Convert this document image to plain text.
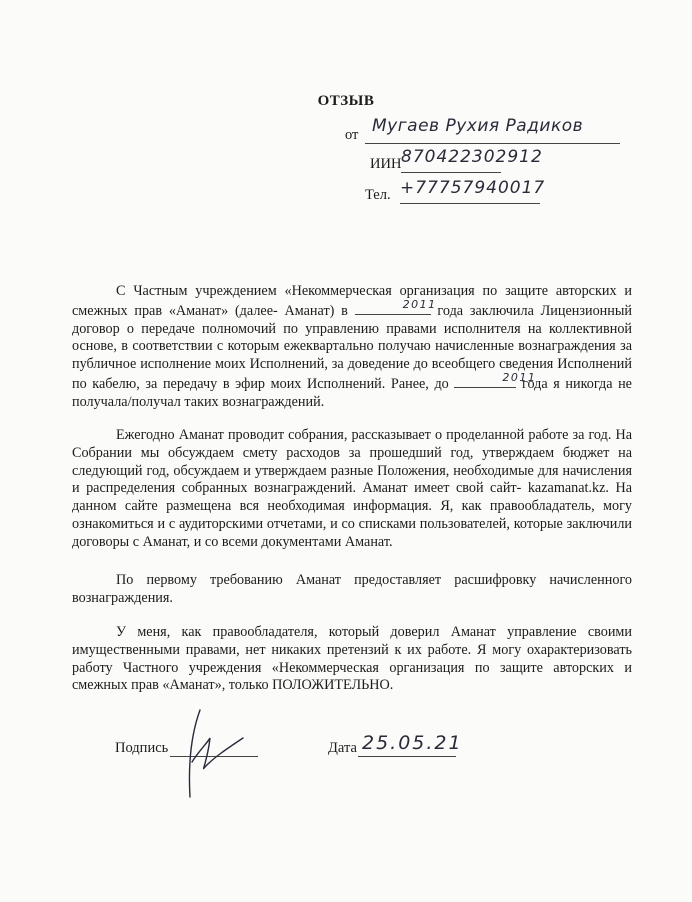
ОТЗЫВ
от Мугаев Рухия Радиков
ИИН 870422302912
Тел. +77757940017
С Частным учреждением «Некоммерческая организация по защите авторских и смежных прав «Аманат» (далее- Аманат) в	2011 года заключила Лицензионный договор о передаче полномочий по управлению правами исполнителя на коллективной основе, в соответствии с которым ежеквартально получаю начисленные вознаграждения за публичное исполнение моих Исполнений, за доведение до всеобщего сведения Исполнений по кабелю, за передачу в эфир моих Исполнений. Ранее, до	2011
года я никогда не получала/получал таких вознаграждений.
Ежегодно Аманат проводит собрания, рассказывает о проделанной работе за год. На Собрании мы обсуждаем смету расходов за прошедший год, утверждаем бюджет на следующий год, обсуждаем и утверждаем разные Положения, необходимые для начисления и распределения собранных вознаграждений. Аманат имеет свой сайт- kazamanat.kz. На данном сайте размещена вся необходимая информация. Я, как правообладатель, могу ознакомиться и с аудиторскими отчетами, и со списками пользователей, которые заключили договоры с Аманат, и со всеми документами Аманат.
По первому требованию Аманат предоставляет расшифровку начисленного вознаграждения.
У меня, как правообладателя, который доверил Аманат управление своими имущественными правами, нет никаких претензий к их работе. Я могу охарактеризовать работу Частного учреждения «Некоммерческая организация по защите авторских и смежных прав «Аманат», только ПОЛОЖИТЕЛЬНО.
Подпись	Дата 25.05.21
